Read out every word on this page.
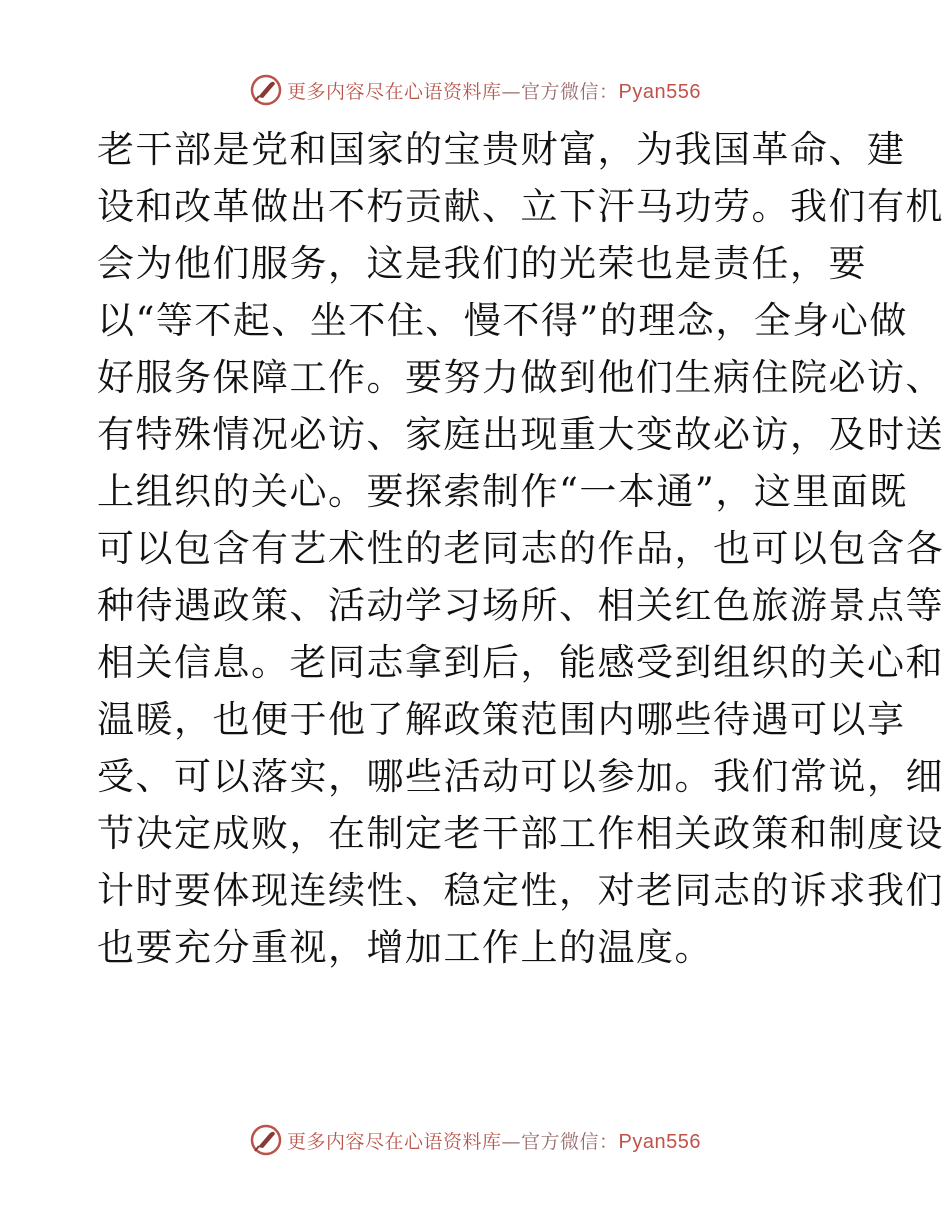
更多内容尽在心语资料库—官方微信：Pyan556
老干部是党和国家的宝贵财富，为我国革命、建
设和改革做出不朽贡献、立下汗马功劳。我们有机
会为他们服务，这是我们的光荣也是责任，要
以“等不起、坐不住、慢不得”的理念，全身心做
好服务保障工作。要努力做到他们生病住院必访、
有特殊情况必访、家庭出现重大变故必访，及时送
上组织的关心。要探索制作“一本通”，这里面既
可以包含有艺术性的老同志的作品，也可以包含各
种待遇政策、活动学习场所、相关红色旅游景点等
相关信息。老同志拿到后，能感受到组织的关心和
温暖，也便于他了解政策范围内哪些待遇可以享
受、可以落实，哪些活动可以参加。我们常说，细
节决定成败，在制定老干部工作相关政策和制度设
计时要体现连续性、稳定性，对老同志的诉求我们
也要充分重视，增加工作上的温度。
更多内容尽在心语资料库—官方微信：Pyan556
